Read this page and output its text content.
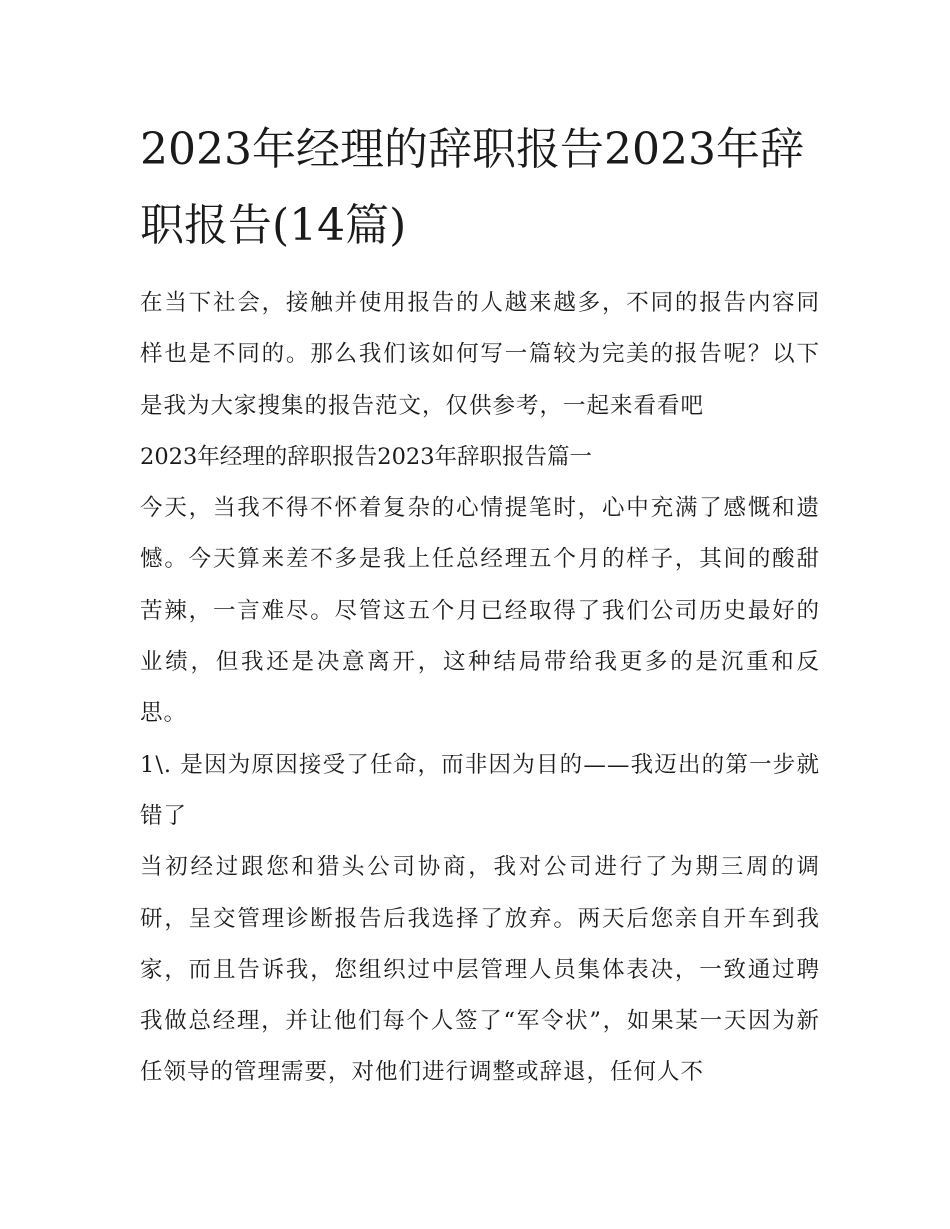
2023年经理的辞职报告2023年辞职报告(14篇)

在当下社会，接触并使用报告的人越来越多，不同的报告内容同样也是不同的。那么我们该如何写一篇较为完美的报告呢？以下是我为大家搜集的报告范文，仅供参考，一起来看看吧

2023年经理的辞职报告2023年辞职报告篇一

今天，当我不得不怀着复杂的心情提笔时，心中充满了感慨和遗憾。今天算来差不多是我上任总经理五个月的样子，其间的酸甜苦辣，一言难尽。尽管这五个月已经取得了我们公司历史最好的业绩，但我还是决意离开，这种结局带给我更多的是沉重和反思。

1\. 是因为原因接受了任命，而非因为目的——我迈出的第一步就错了

当初经过跟您和猎头公司协商，我对公司进行了为期三周的调研，呈交管理诊断报告后我选择了放弃。两天后您亲自开车到我家，而且告诉我，您组织过中层管理人员集体表决，一致通过聘我做总经理，并让他们每个人签了“军令状”，如果某一天因为新任领导的管理需要，对他们进行调整或辞退，任何人不
